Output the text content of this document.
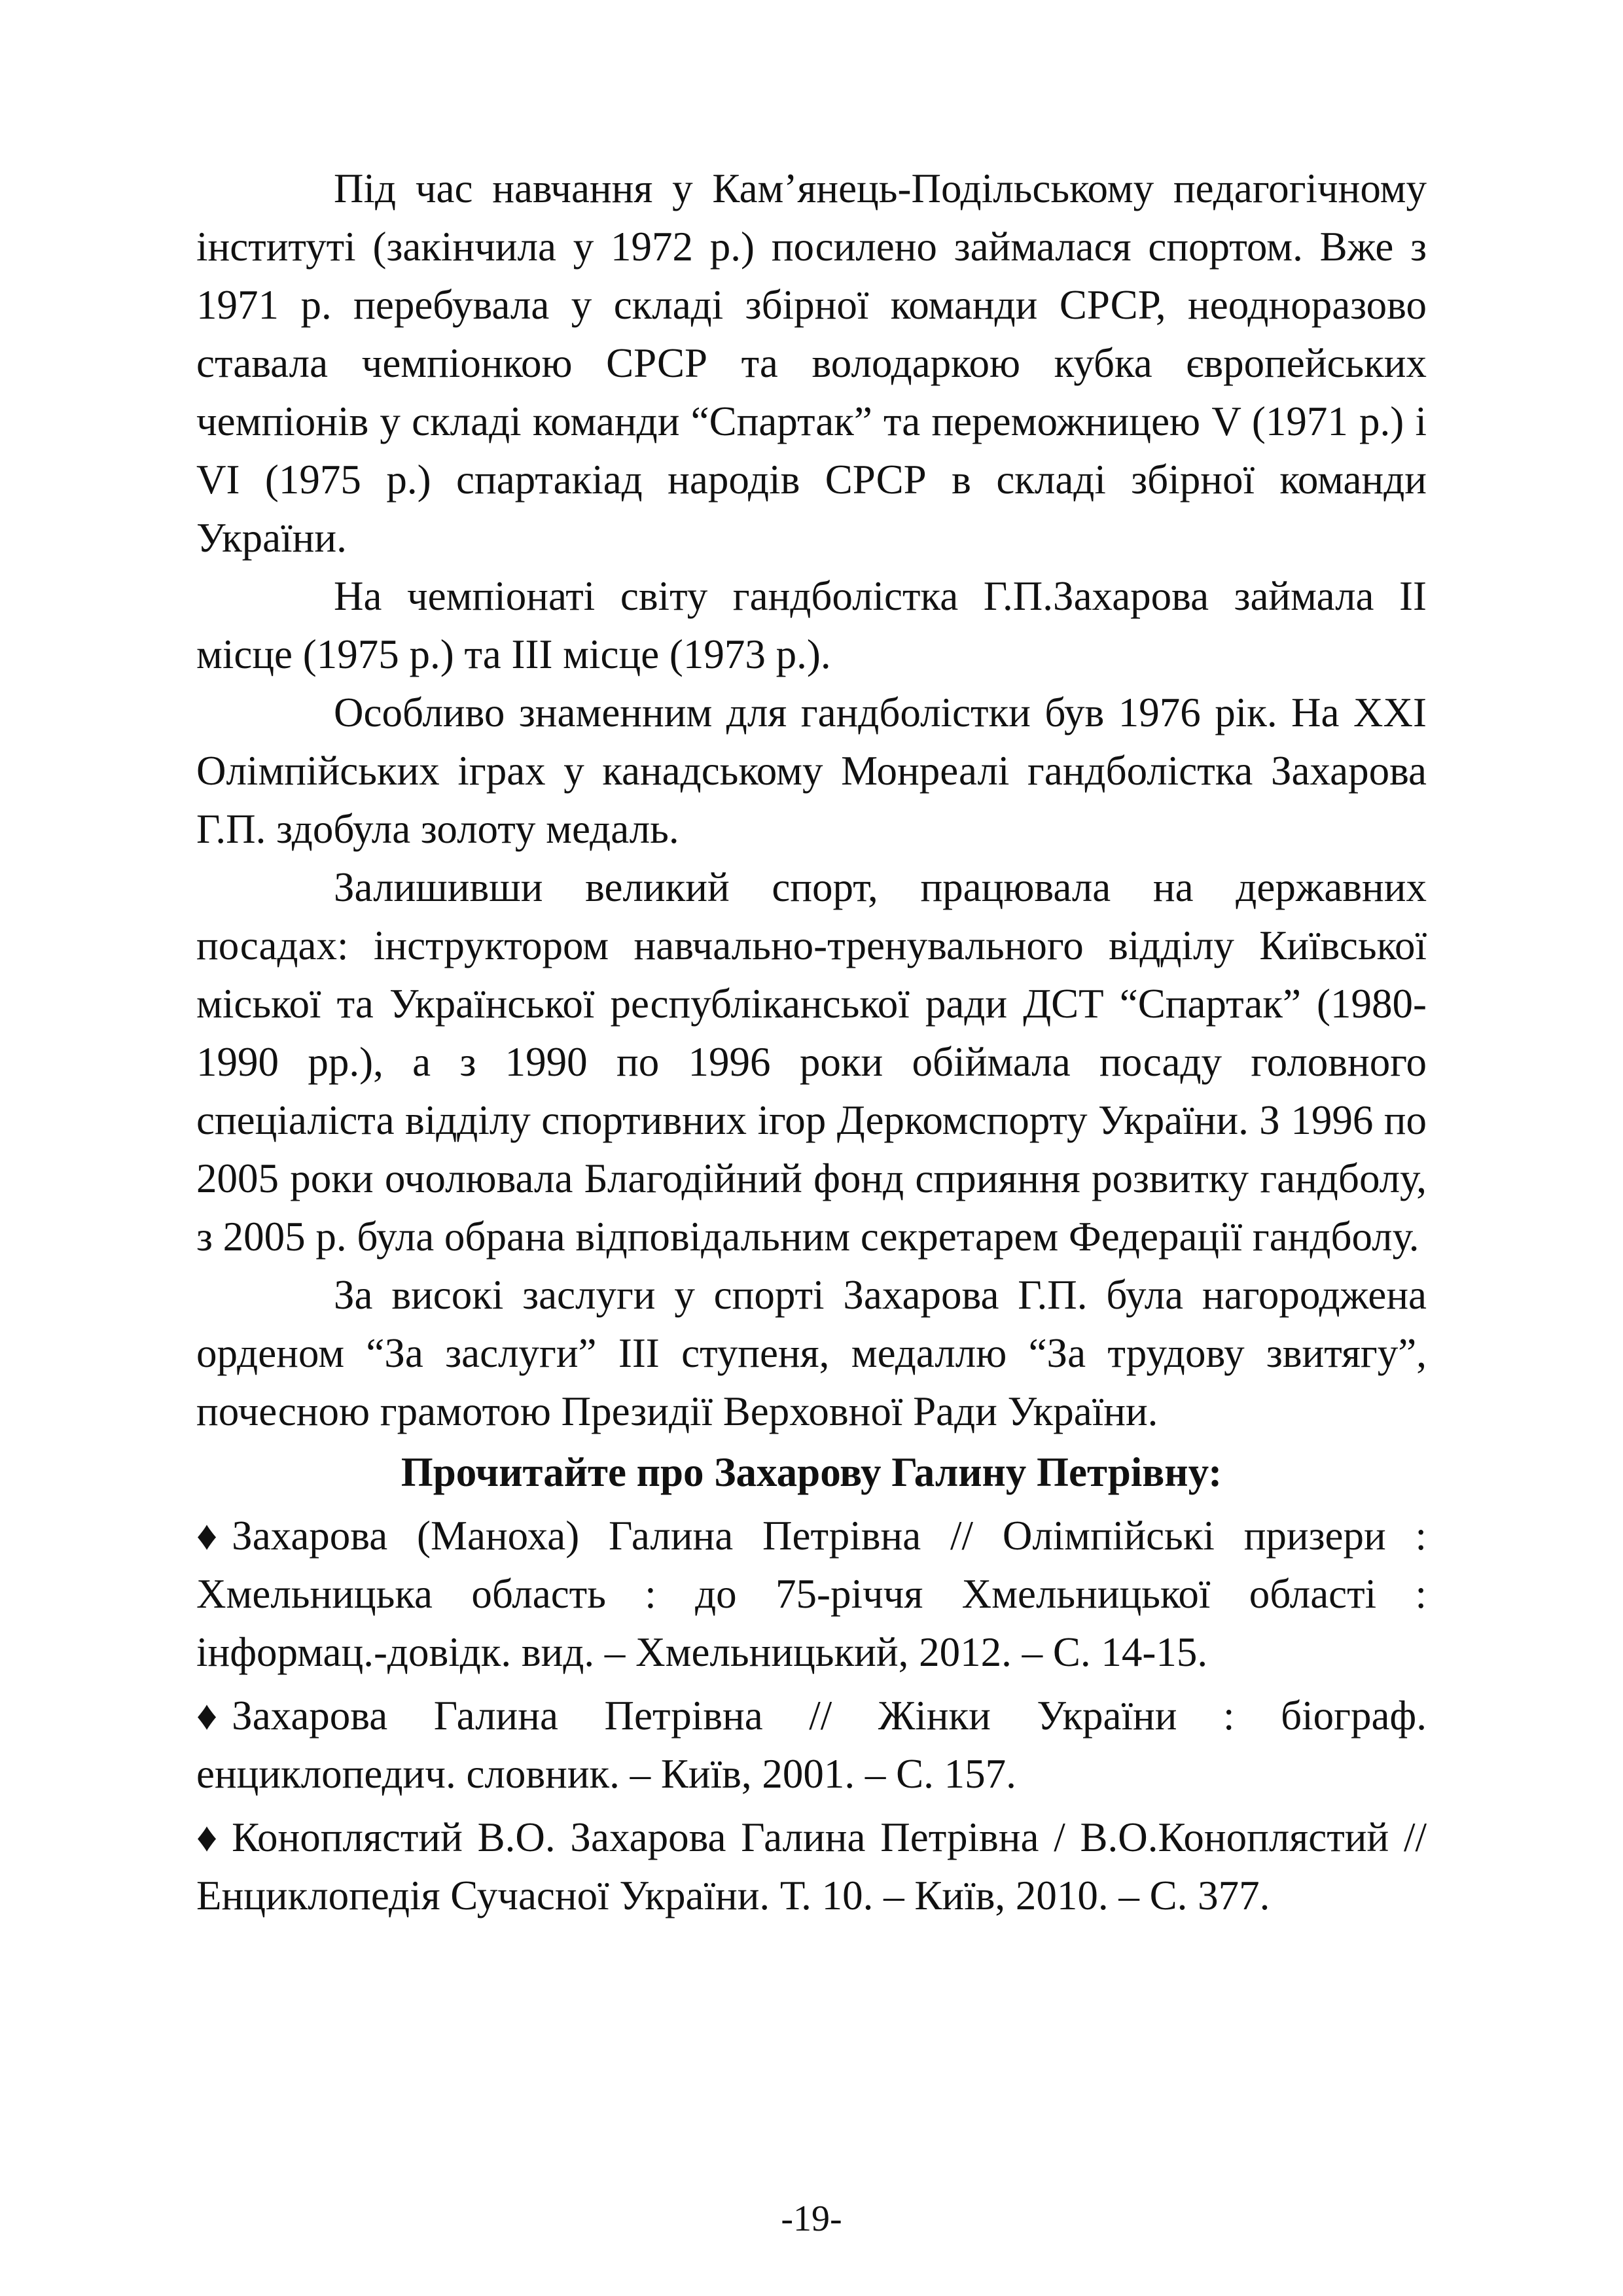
Під час навчання у Кам’янець-Подільському педагогічному інституті (закінчила у 1972 р.) посилено займалася спортом. Вже з 1971 р. перебувала у складі збірної команди СРСР, неодноразово ставала чемпіонкою СРСР та володаркою кубка європейських чемпіонів у складі команди “Спартак” та переможницею V (1971 р.) і VI (1975 р.) спартакіад народів СРСР в складі збірної команди України.

На чемпіонаті світу гандболістка Г.П.Захарова займала ІІ місце (1975 р.) та ІІІ місце (1973 р.).

Особливо знаменним для гандболістки був 1976 рік. На ХХІ Олімпійських іграх у канадському Монреалі гандболістка Захарова Г.П. здобула золоту медаль.

Залишивши великий спорт, працювала на державних посадах: інструктором навчально-тренувального відділу Київської міської та Української республіканської ради ДСТ “Спартак” (1980-1990 рр.), а з 1990 по 1996 роки обіймала посаду головного спеціаліста відділу спортивних ігор Деркомспорту України. З 1996 по 2005 роки очолювала Благодійний фонд сприяння розвитку гандболу, з 2005 р. була обрана відповідальним секретарем Федерації гандболу.

За високі заслуги у спорті Захарова Г.П. була нагороджена орденом “За заслуги” ІІІ ступеня, медаллю “За трудову звитягу”, почесною грамотою Президії Верховної Ради України.

Прочитайте про Захарову Галину Петрівну:

♦ Захарова (Маноха) Галина Петрівна // Олімпійські призери : Хмельницька область : до 75-річчя Хмельницької області : інформац.-довідк. вид. – Хмельницький, 2012. – С. 14-15.

♦ Захарова Галина Петрівна // Жінки України : біограф. енциклопедич. словник. – Київ, 2001. – С. 157.

♦ Коноплястий В.О. Захарова Галина Петрівна / В.О.Коноплястий // Енциклопедія Сучасної України. Т. 10. – Київ, 2010. – С. 377.

-19-
